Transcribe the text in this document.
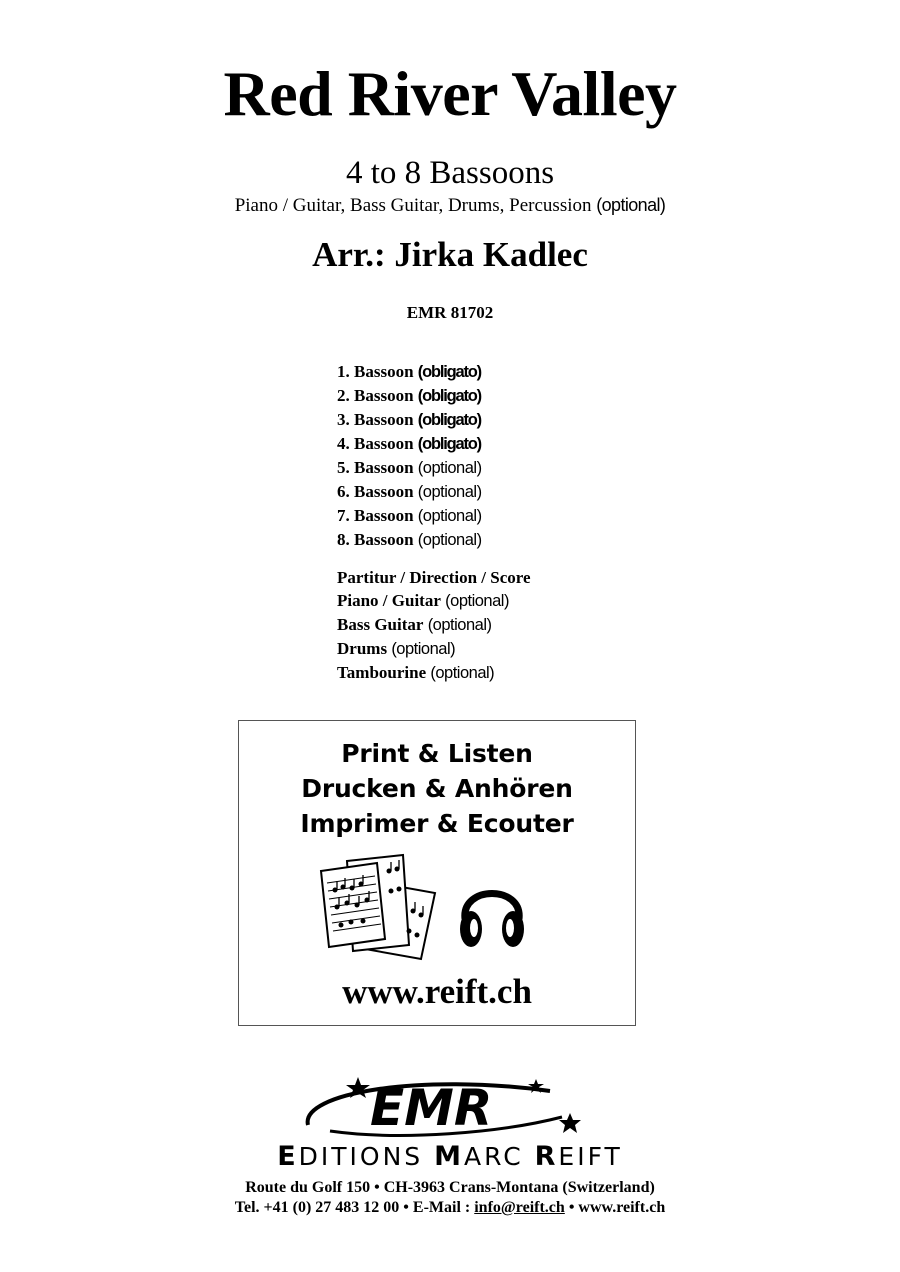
Red River Valley
4 to 8 Bassoons
Piano / Guitar, Bass Guitar, Drums, Percussion (optional)
Arr.: Jirka Kadlec
EMR 81702
1. Bassoon (obligato)
2. Bassoon (obligato)
3. Bassoon (obligato)
4. Bassoon (obligato)
5. Bassoon (optional)
6. Bassoon (optional)
7. Bassoon (optional)
8. Bassoon (optional)
Partitur / Direction / Score
Piano / Guitar (optional)
Bass Guitar (optional)
Drums (optional)
Tambourine (optional)
Print & Listen
Drucken & Anhören
Imprimer & Ecouter
www.reift.ch
EMR
EDITIONS MARC REIFT
Route du Golf 150 • CH-3963 Crans-Montana (Switzerland)
Tel. +41 (0) 27 483 12 00 • E-Mail : info@reift.ch • www.reift.ch
